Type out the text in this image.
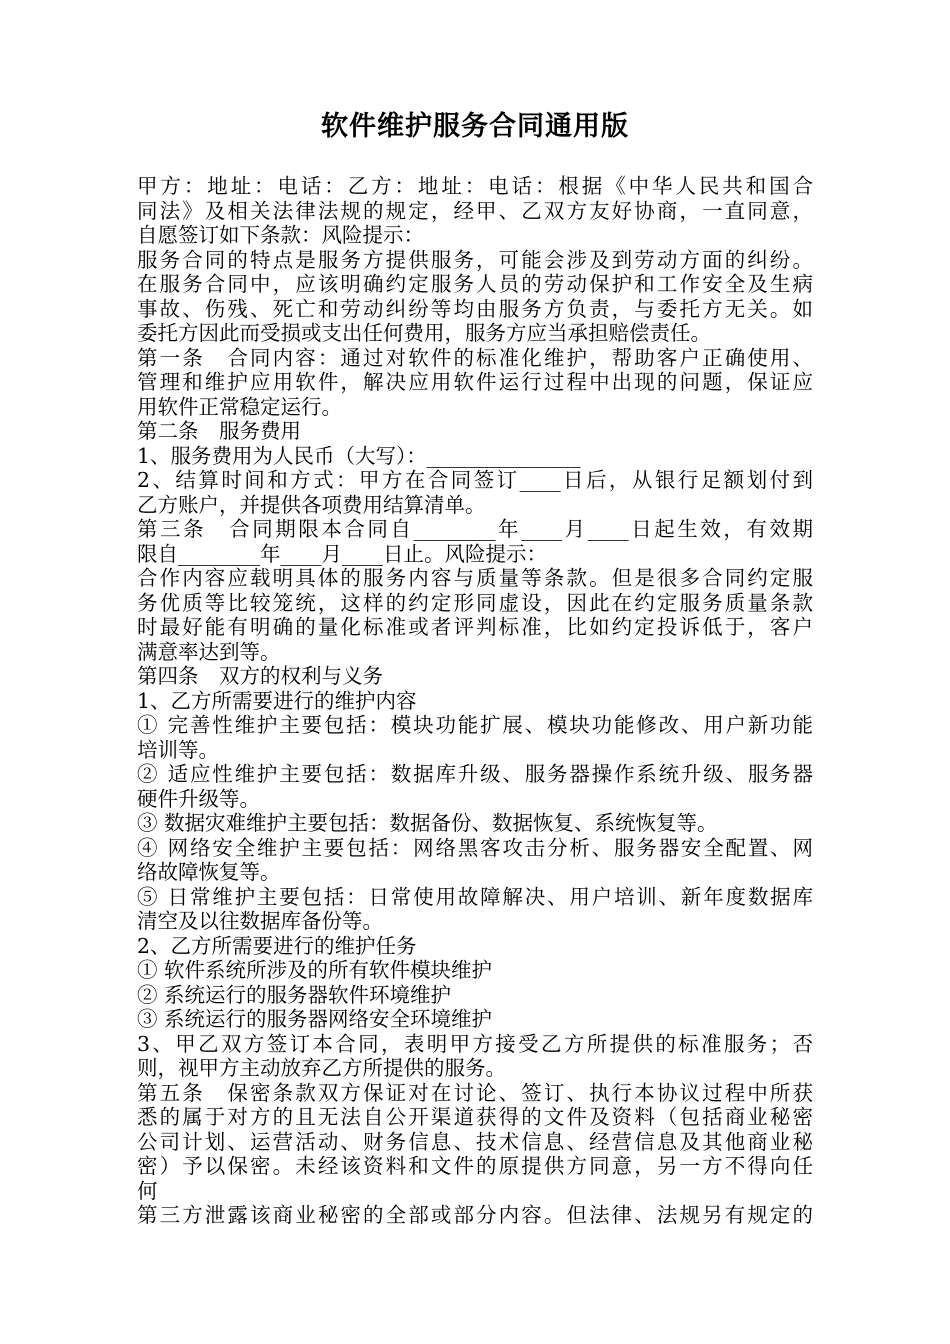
软件维护服务合同通用版
甲方：地址：电话：乙方：地址：电话：根据《中华人民共和国合
同法》及相关法律法规的规定，经甲、乙双方友好协商，一直同意，
自愿签订如下条款：风险提示：
服务合同的特点是服务方提供服务，可能会涉及到劳动方面的纠纷。
在服务合同中，应该明确约定服务人员的劳动保护和工作安全及生病
事故、伤残、死亡和劳动纠纷等均由服务方负责，与委托方无关。如
委托方因此而受损或支出任何费用，服务方应当承担赔偿责任。
第一条　合同内容：通过对软件的标准化维护，帮助客户正确使用、
管理和维护应用软件，解决应用软件运行过程中出现的问题，保证应
用软件正常稳定运行。
第二条　服务费用
1、服务费用为人民币（大写）：_______________
2、结算时间和方式：甲方在合同签订____日后，从银行足额划付到
乙方账户，并提供各项费用结算清单。
第三条　合同期限本合同自________年____月____日起生效，有效期
限自________年____月____日止。风险提示：
合作内容应载明具体的服务内容与质量等条款。但是很多合同约定服
务优质等比较笼统，这样的约定形同虚设，因此在约定服务质量条款
时最好能有明确的量化标准或者评判标准，比如约定投诉低于，客户
满意率达到等。
第四条　双方的权利与义务
1、乙方所需要进行的维护内容
① 完善性维护主要包括：模块功能扩展、模块功能修改、用户新功能
培训等。
② 适应性维护主要包括：数据库升级、服务器操作系统升级、服务器
硬件升级等。
③ 数据灾难维护主要包括：数据备份、数据恢复、系统恢复等。
④ 网络安全维护主要包括：网络黑客攻击分析、服务器安全配置、网
络故障恢复等。
⑤ 日常维护主要包括：日常使用故障解决、用户培训、新年度数据库
清空及以往数据库备份等。
2、乙方所需要进行的维护任务
① 软件系统所涉及的所有软件模块维护
② 系统运行的服务器软件环境维护
③ 系统运行的服务器网络安全环境维护
3、甲乙双方签订本合同，表明甲方接受乙方所提供的标准服务；否
则，视甲方主动放弃乙方所提供的服务。
第五条　保密条款双方保证对在讨论、签订、执行本协议过程中所获
悉的属于对方的且无法自公开渠道获得的文件及资料（包括商业秘密
公司计划、运营活动、财务信息、技术信息、经营信息及其他商业秘
密）予以保密。未经该资料和文件的原提供方同意，另一方不得向任
何
第三方泄露该商业秘密的全部或部分内容。但法律、法规另有规定的
